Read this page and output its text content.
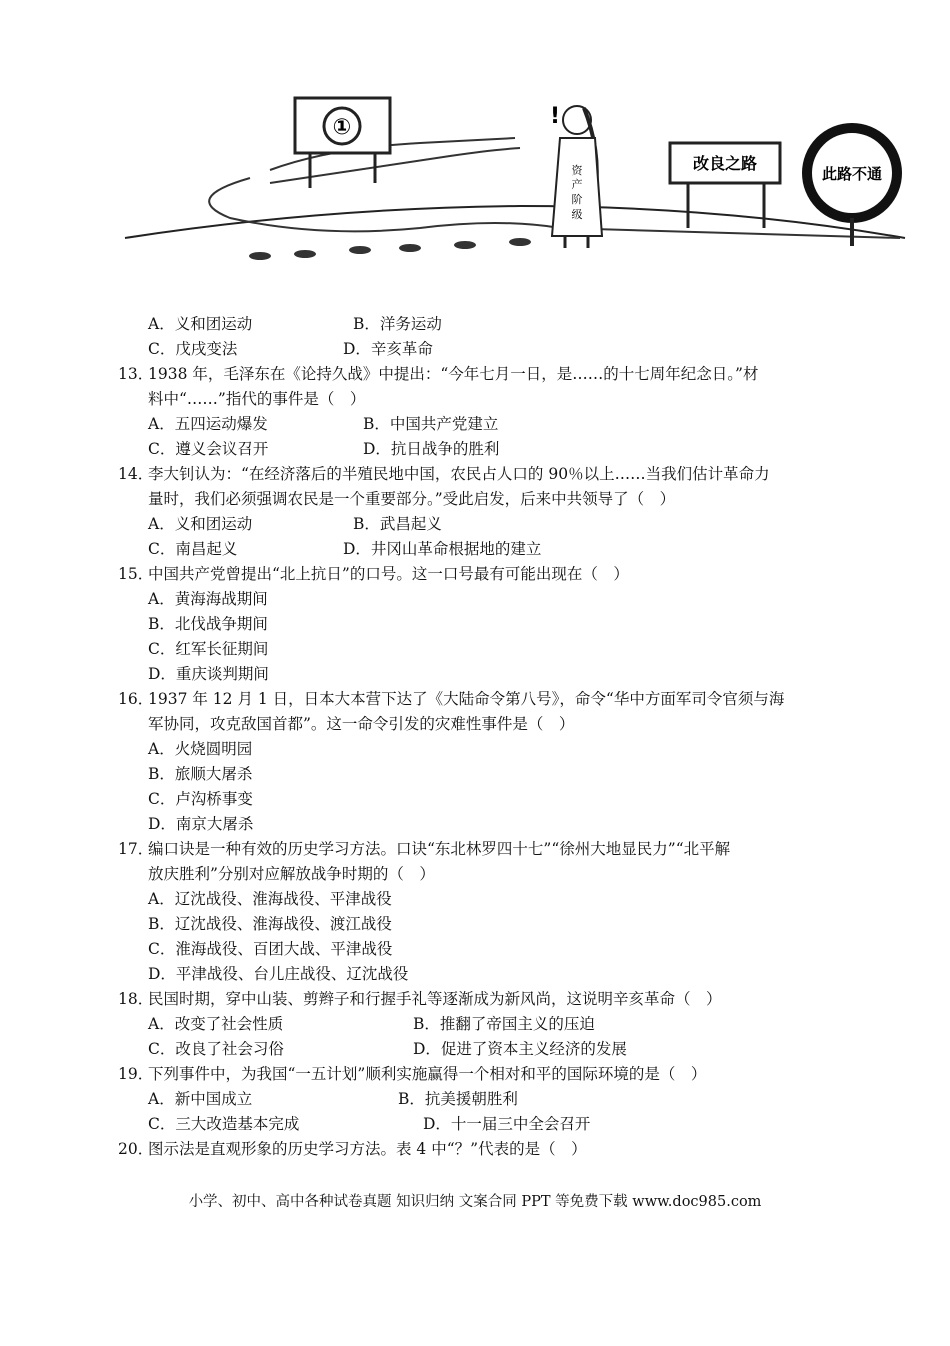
①	!
资
产
阶
级
改良之路
此路不通
A．义和团运动	B．洋务运动
C．戊戌变法	D．辛亥革命
13．
1938 年，毛泽东在《论持久战》中提出：“今年七月一日，是……的十七周年纪念日。”材
料中“……”指代的事件是（　）
A．五四运动爆发	B．中国共产党建立
C．遵义会议召开	D．抗日战争的胜利
14．
李大钊认为：“在经济落后的半殖民地中国，农民占人口的 90％以上……当我们估计革命力
量时，我们必须强调农民是一个重要部分。”受此启发，后来中共领导了（　）
A．义和团运动	B．武昌起义
C．南昌起义	D．井冈山革命根据地的建立
15．
中国共产党曾提出“北上抗日”的口号。这一口号最有可能出现在（　）
A．黄海海战期间
B．北伐战争期间
C．红军长征期间
D．重庆谈判期间
16．
1937 年 12 月 1 日，日本大本营下达了《大陆命令第八号》，命令“华中方面军司令官须与海
军协同，攻克敌国首都”。这一命令引发的灾难性事件是（　）
A．火烧圆明园
B．旅顺大屠杀
C．卢沟桥事变
D．南京大屠杀
17．
编口诀是一种有效的历史学习方法。口诀“东北林罗四十七”“徐州大地显民力”“北平解
放庆胜利”分别对应解放战争时期的（　）
A．辽沈战役、淮海战役、平津战役
B．辽沈战役、淮海战役、渡江战役
C．淮海战役、百团大战、平津战役
D．平津战役、台儿庄战役、辽沈战役
18．
民国时期，穿中山装、剪辫子和行握手礼等逐渐成为新风尚，这说明辛亥革命（　）
A．改变了社会性质	B．推翻了帝国主义的压迫
C．改良了社会习俗	D．促进了资本主义经济的发展
19．
下列事件中，为我国“一五计划”顺利实施赢得一个相对和平的国际环境的是（　）
A．新中国成立	B．抗美援朝胜利
C．三大改造基本完成	D．十一届三中全会召开
20．
图示法是直观形象的历史学习方法。表 4 中“？”代表的是（　）
小学、初中、高中各种试卷真题 知识归纳 文案合同 PPT 等免费下载 www.doc985.com
